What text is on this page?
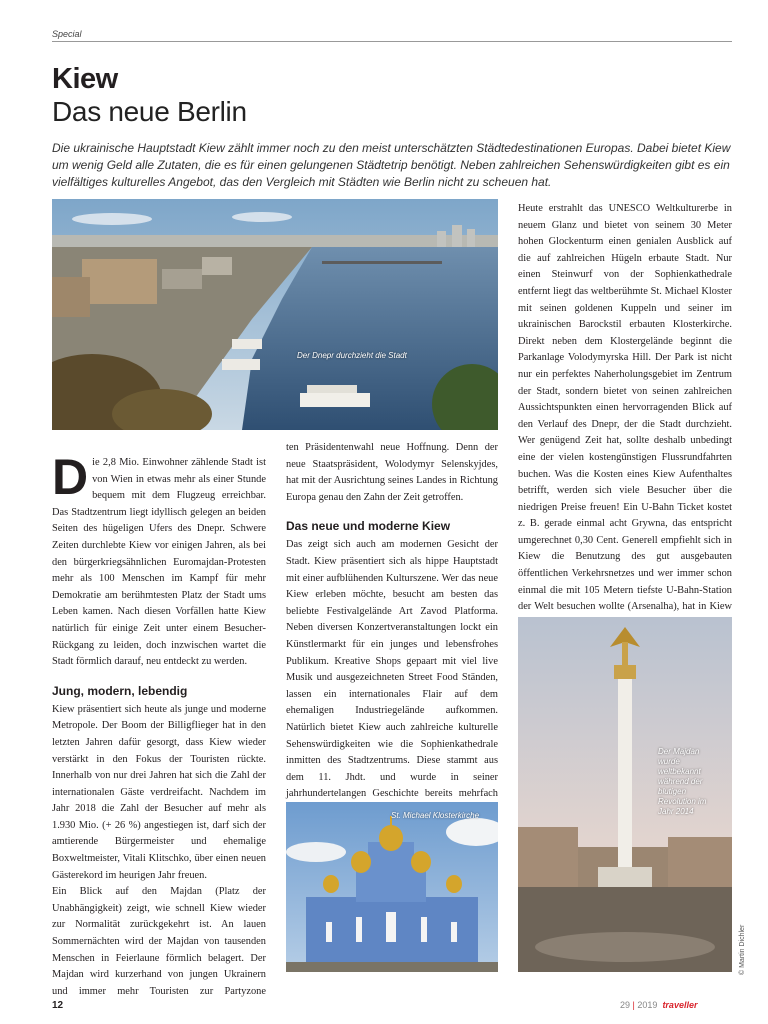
Special
Kiew
Das neue Berlin
Die ukrainische Hauptstadt Kiew zählt immer noch zu den meist unterschätzten Städtedestinationen Europas. Dabei bietet Kiew um wenig Geld alle Zutaten, die es für einen gelungenen Städtetrip benötigt. Neben zahlreichen Sehenswürdigkeiten gibt es ein vielfältiges kulturelles Angebot, das den Vergleich mit Städten wie Berlin nicht zu scheuen hat.
Der Dnepr durchzieht die Stadt

Die 2,8 Mio. Einwohner zählende Stadt ist von Wien in etwas mehr als einer Stunde bequem mit dem Flugzeug erreichbar. Das Stadtzentrum liegt idyllisch gelegen an beiden Seiten des hügeligen Ufers des Dnepr. Schwere Zeiten durchlebte Kiew vor einigen Jahren, als bei den bürgerkriegsähnlichen Euromajdan-Protesten mehr als 100 Menschen im Kampf für mehr Demokratie am berühmtesten Platz der Stadt ums Leben kamen. Nach diesen Vorfällen hatte Kiew natürlich für einige Zeit unter einem Besucher-Rückgang zu leiden, doch inzwischen wartet die Stadt förmlich darauf, neu entdeckt zu werden.

Jung, modern, lebendig

Kiew präsentiert sich heute als junge und moderne Metropole. Der Boom der Billigflieger hat in den letzten Jahren dafür gesorgt, dass Kiew wieder verstärkt in den Fokus der Touristen rückte. Innerhalb von nur drei Jahren hat sich die Zahl der internationalen Gäste verdreifacht. Nachdem im Jahr 2018 die Zahl der Besucher auf mehr als 1.930 Mio. (+ 26 %) angestiegen ist, darf sich der amtierende Bürgermeister und ehemalige Boxweltmeister, Vitali Klitschko, über einen neuen Gästerekord im heurigen Jahr freuen.

Ein Blick auf den Majdan (Platz der Unabhängigkeit) zeigt, wie schnell Kiew wieder zur Normalität zurückgekehrt ist. An lauen Sommernächten wird der Majdan von tausenden Menschen in Feierlaune förmlich belagert. Der Majdan wird kurzerhand von jungen Ukrainern und immer mehr Touristen zur Partyzone

ten Präsidentenwahl neue Hoffnung. Denn der neue Staatspräsident, Wolodymyr Selenskyjdes, hat mit der Ausrichtung seines Landes in Richtung Europa genau den Zahn der Zeit getroffen.

Das neue und moderne Kiew

Das zeigt sich auch am modernen Gesicht der Stadt. Kiew präsentiert sich als hippe Hauptstadt mit einer aufblühenden Kulturszene. Wer das neue Kiew erleben möchte, besucht am besten das beliebte Festivalgelände Art Zavod Platforma. Neben diversen Konzertveranstaltungen lockt ein Künstlermarkt für ein junges und lebensfrohes Publikum. Kreative Shops gepaart mit viel live Musik und ausgezeichneten Street Food Ständen, lassen ein internationales Flair auf dem ehemaligen Industriegelände aufkommen. Natürlich bietet Kiew auch zahlreiche kulturelle Sehenswürdigkeiten wie die Sophienkathedrale inmitten des Stadtzentrums. Diese stammt aus dem 11. Jhdt. und wurde in seiner jahrhundertelangen Geschichte bereits mehrfach

St. Michael Klosterkirche

Heute erstrahlt das UNESCO Weltkulturerbe in neuem Glanz und bietet von seinem 30 Meter hohen Glockenturm einen genialen Ausblick auf die auf zahlreichen Hügeln erbaute Stadt. Nur einen Steinwurf von der Sophienkathedrale entfernt liegt das weltberühmte St. Michael Kloster mit seinen goldenen Kuppeln und seiner im ukrainischen Barockstil erbauten Klosterkirche. Direkt neben dem Klostergelände beginnt die Parkanlage Volodymyrska Hill. Der Park ist nicht nur ein perfektes Naherholungsgebiet im Zentrum der Stadt, sondern bietet von seinen zahlreichen Aussichtspunkten einen hervorragenden Blick auf den Verlauf des Dnepr, der die Stadt durchzieht. Wer genügend Zeit hat, sollte deshalb unbedingt eine der vielen kostengünstigen Flussrundfahrten buchen. Was die Kosten eines Kiew Aufenthaltes betrifft, werden sich viele Besucher über die niedrigen Preise freuen! Ein U-Bahn Ticket kostet z. B. gerade einmal acht Grywna, das entspricht umgerechnet 0,30 Cent. Generell empfiehlt sich in Kiew die Benutzung des gut ausgebauten öffentlichen Verkehrsnetzes und wer immer schon einmal die mit 105 Metern tiefste U-Bahn-Station der Welt besuchen wollte (Arsenalha), hat in Kiew

Der Majdan wurde weltbekannt während der blutigen Revolution im Jahr 2014
© Martin Dichler
12	29 | 2019 traveller
